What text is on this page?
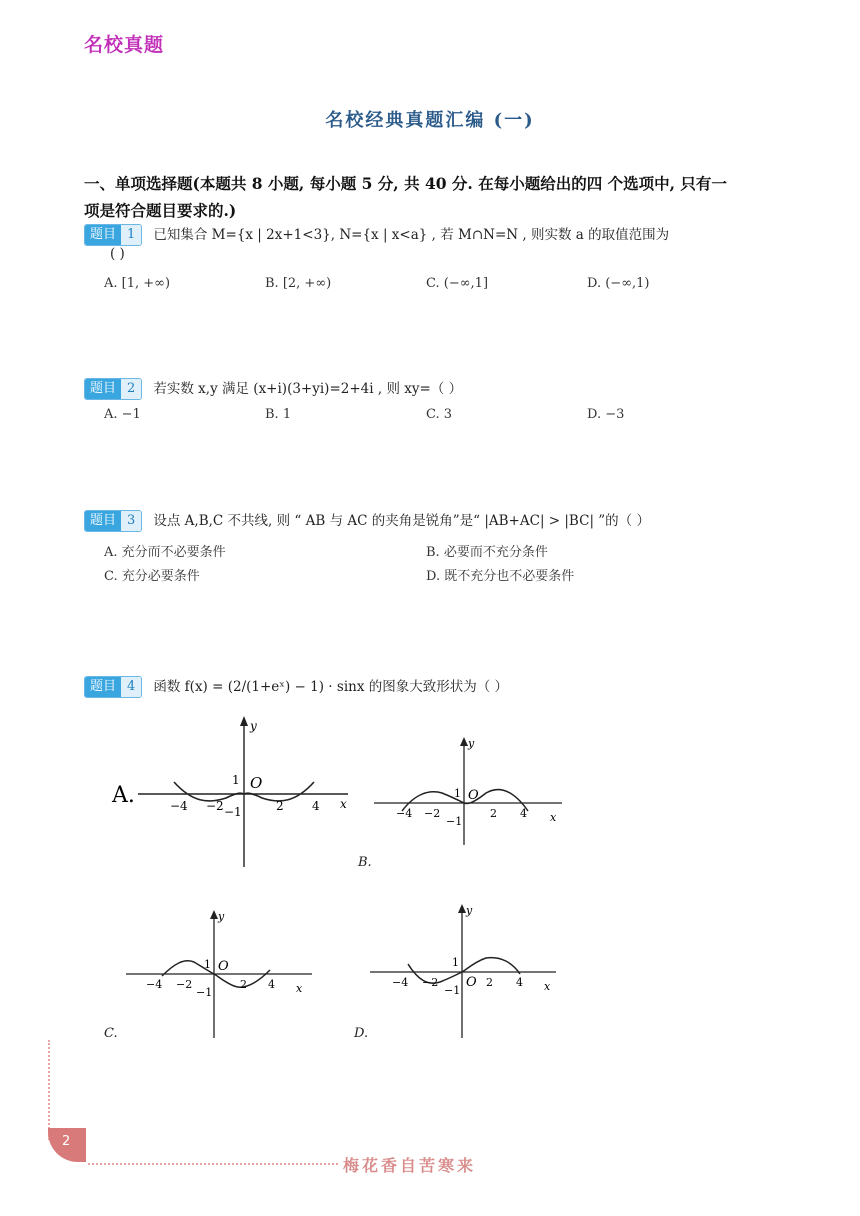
名校真题
名校经典真题汇编 (一)
一、单项选择题(本题共 8 小题, 每小题 5 分, 共 40 分. 在每小题给出的四 个选项中, 只有一
项是符合题目要求的.)
题目 1	已知集合 M={x | 2x+1<3}, N={x | x<a} , 若 M∩N=N , 则实数 a 的取值范围为
( )
A. [1, +∞)	B. [2, +∞)	C. (−∞,1]	D. (−∞,1)
题目 2	若实数 x,y 满足 (x+i)(3+yi)=2+4i , 则 xy=（ ）
A. −1	B. 1	C. 3	D. −3
题目 3	设点 A,B,C 不共线, 则 “ AB 与 AC 的夹角是锐角”是“ |AB+AC| > |BC| ”的（ ）
A. 充分而不必要条件	B. 必要而不充分条件
C. 充分必要条件	D. 既不充分也不必要条件
题目 4	函数 f(x) = (2/(1+eˣ) − 1) · sinx 的图象大致形状为（ ）
A.	−4 −2	2 4
1
−1
O
x
y
−4 −2	2 4
1
−1
O
x
y
B.
−4 −2	2 4
1
−1
O
x
y
C.
−4 −2	2 4
1
−1
O	x
y
D.
2
梅花香自苦寒来
